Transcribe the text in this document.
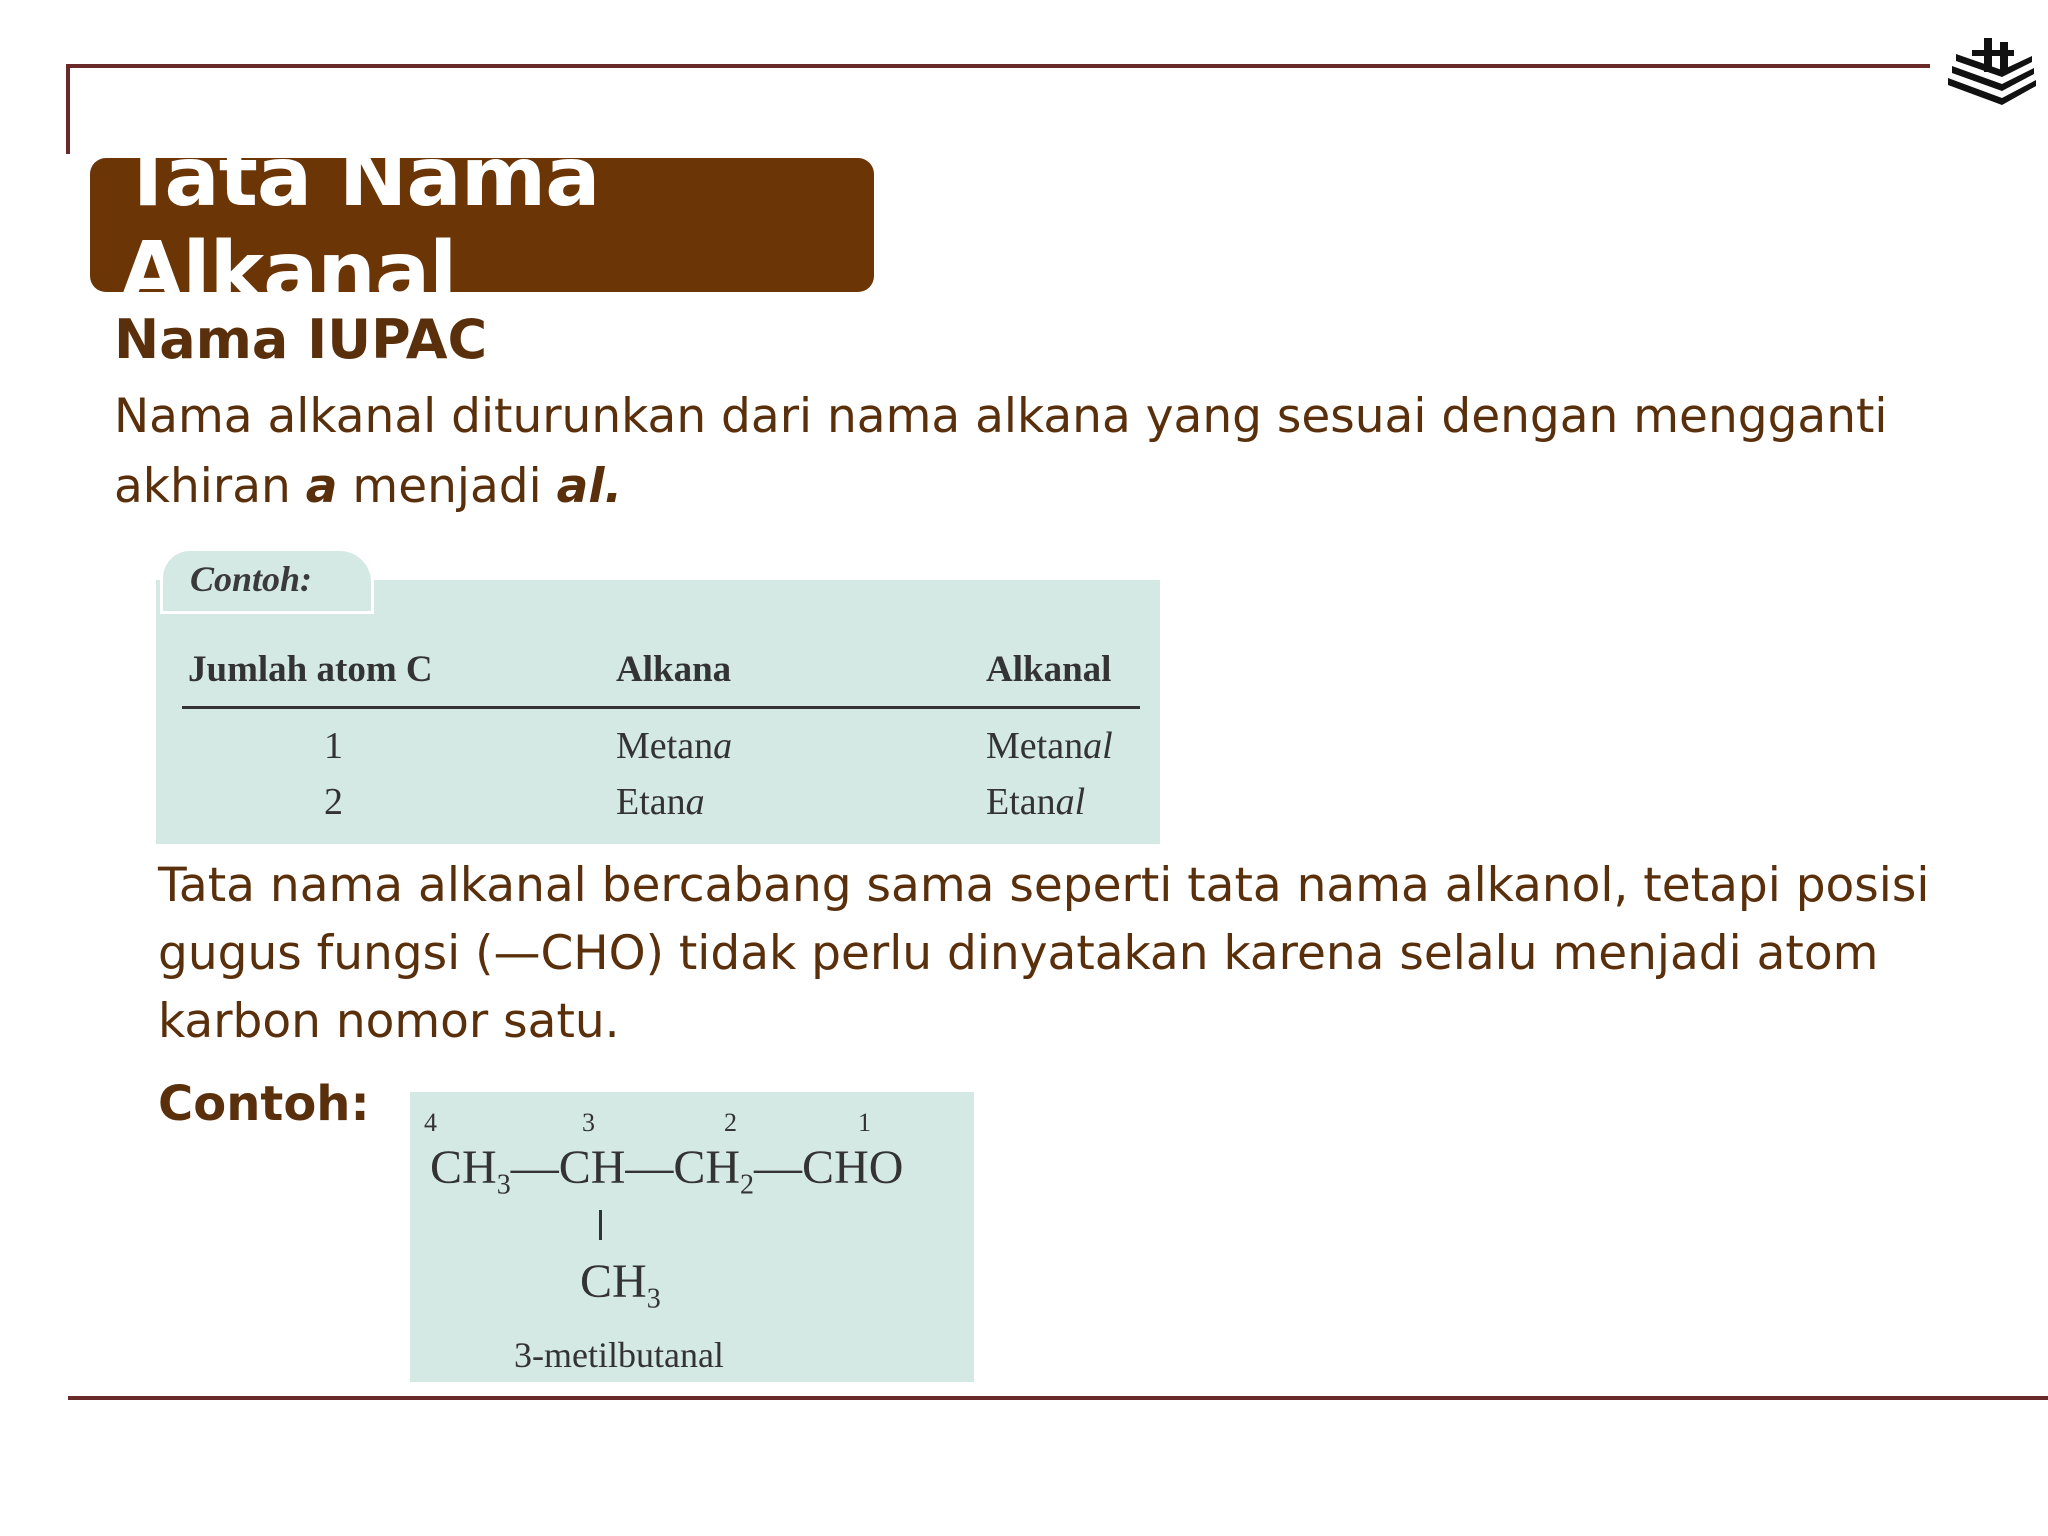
Tata Nama Alkanal
Nama IUPAC
Nama alkanal diturunkan dari nama alkana yang sesuai dengan mengganti akhiran a menjadi al.
Contoh:
Jumlah atom C	Alkana	Alkanal
1	Metana	Metanal
2	Etana	Etanal
Tata nama alkanal bercabang sama seperti tata nama alkanol, tetapi posisi gugus fungsi (—CHO) tidak perlu dinyatakan karena selalu menjadi atom karbon nomor satu.
Contoh: 4	3	2	1
$CH_3—CH—CH_2—CHO$
$CH_3$
3-metilbutanal
